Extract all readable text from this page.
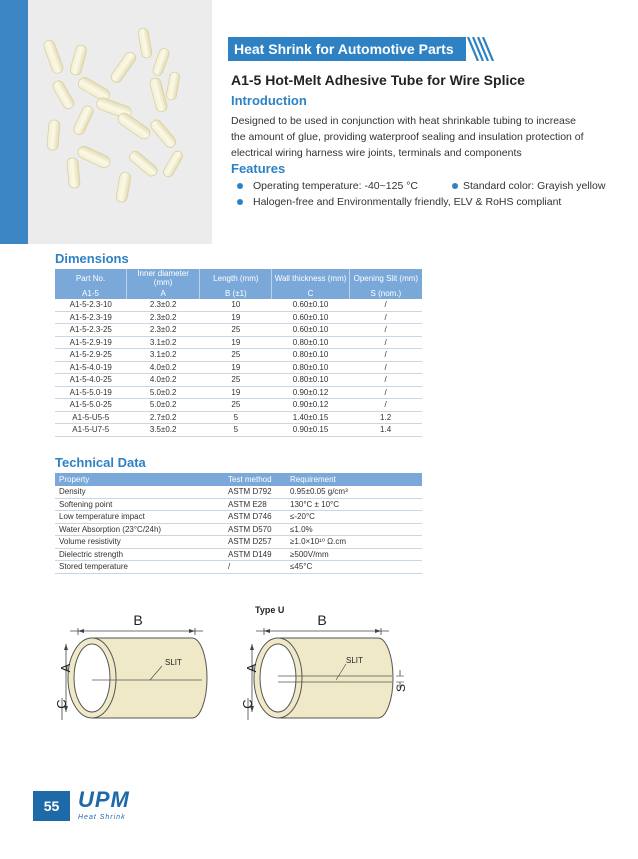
Heat Shrink for Automotive Parts
A1-5 Hot-Melt Adhesive Tube for Wire Splice
Introduction
Designed to be used in conjunction with heat shrinkable tubing to increase the amount of glue, providing waterproof sealing and insulation protection of electrical wiring harness wire joints, terminals and components
Features
Operating temperature: -40~125 °C	Standard color: Grayish yellow
Halogen-free and Environmentally friendly, ELV & RoHS compliant
Dimensions
Part No.	Inner diameter (mm)	Length (mm)	Wall thickness (mm)	Opening Slit (mm)
A1-5	A	B (±1)	C	S (nom.)
A1-5-2.3-10	2.3±0.2	10	0.60±0.10	/
A1-5-2.3-19	2.3±0.2	19	0.60±0.10	/
A1-5-2.3-25	2.3±0.2	25	0.60±0.10	/
A1-5-2.9-19	3.1±0.2	19	0.80±0.10	/
A1-5-2.9-25	3.1±0.2	25	0.80±0.10	/
A1-5-4.0-19	4.0±0.2	19	0.80±0.10	/
A1-5-4.0-25	4.0±0.2	25	0.80±0.10	/
A1-5-5.0-19	5.0±0.2	19	0.90±0.12	/
A1-5-5.0-25	5.0±0.2	25	0.90±0.12	/
A1-5-U5-5	2.7±0.2	5	1.40±0.15	1.2
A1-5-U7-5	3.5±0.2	5	0.90±0.15	1.4
Technical Data
Property	Test method	Requirement
Density	ASTM D792	0.95±0.05 g/cm³
Softening point	ASTM E28	130°C ± 10°C
Low temperature impact	ASTM D746	≤-20°C
Water Absorption (23°C/24h)	ASTM D570	≤1.0%
Volume resistivity	ASTM D257	≥1.0×10¹⁰ Ω.cm
Dielectric strength	ASTM D149	≥500V/mm
Stored temperature	/	≤45°C
B
SLIT
A
C
Type U
B
SLIT
S
A
C
55 UPM
Heat Shrink
